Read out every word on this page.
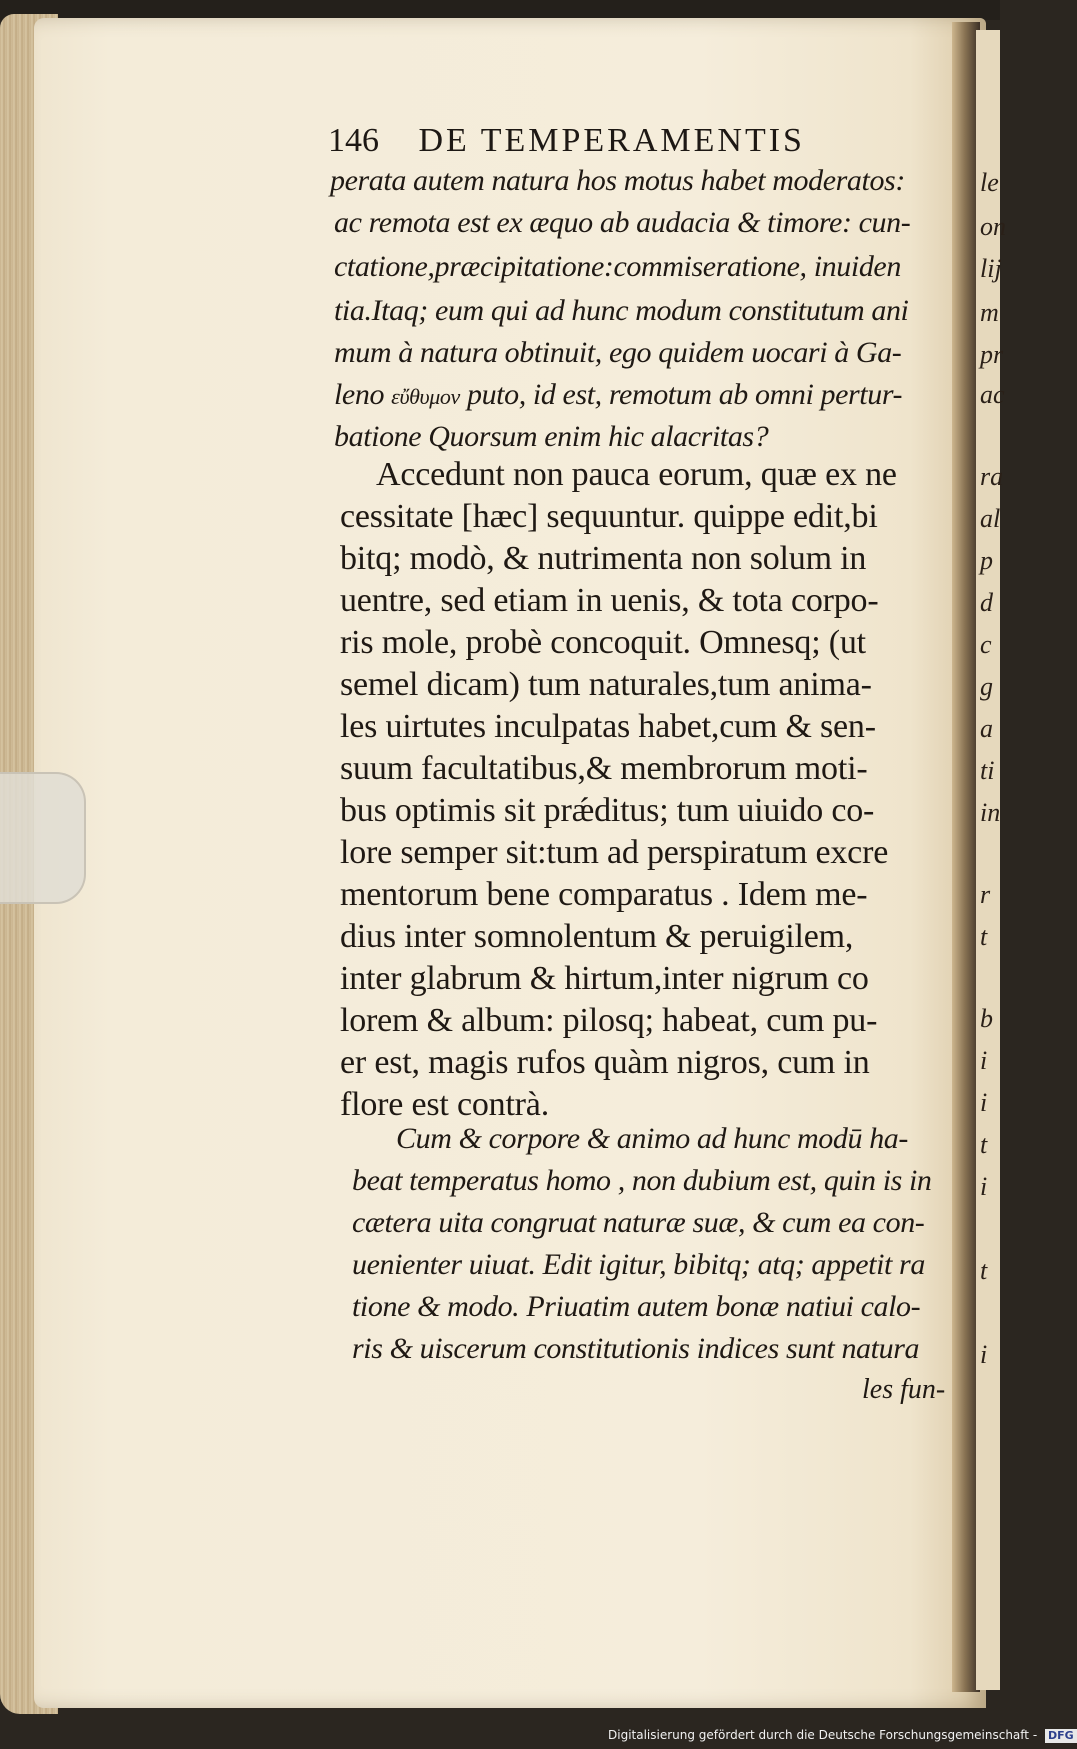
146 DE TEMPERAMENTIS
perata autem natura hos motus habet moderatos:
ac remota est ex æquo ab audacia & timore: cun-
ctatione,præcipitatione:commiseratione, inuiden
tia.Itaq; eum qui ad hunc modum constitutum ani
mum à natura obtinuit, ego quidem uocari à Ga-
leno εὔθυμον puto, id est, remotum ab omni pertur-
batione Quorsum enim hic alacritas?
Accedunt non pauca eorum, quæ ex ne
cessitate [hæc] sequuntur. quippe edit,bi
bitq; modò, & nutrimenta non solum in
uentre, sed etiam in uenis, & tota corpo-
ris mole, probè concoquit. Omnesq; (ut
semel dicam) tum naturales,tum anima-
les uirtutes inculpatas habet,cum & sen-
suum facultatibus,& membrorum moti-
bus optimis sit prǽditus; tum uiuido co-
lore semper sit:tum ad perspiratum excre
mentorum bene comparatus . Idem me-
dius inter somnolentum & peruigilem,
inter glabrum & hirtum,inter nigrum co
lorem & album: pilosq; habeat, cum pu-
er est, magis rufos quàm nigros, cum in
flore est contrà.
Cum & corpore & animo ad hunc modū ha-
beat temperatus homo , non dubium est, quin is in
cætera uita congruat naturæ suæ, & cum ea con-
uenienter uiuat. Edit igitur, bibitq; atq; appetit ra
tione & modo. Priuatim autem bonæ natiui calo-
ris & uiscerum constitutionis indices sunt natura
les fun-
le
on
lij
m
pr
ac
ra
al
p
d
c
g
a
ti
in
r
t
b
i
i
t
i
t
i
Digitalisierung gefördert durch die Deutsche Forschungsgemeinschaft - DFG
